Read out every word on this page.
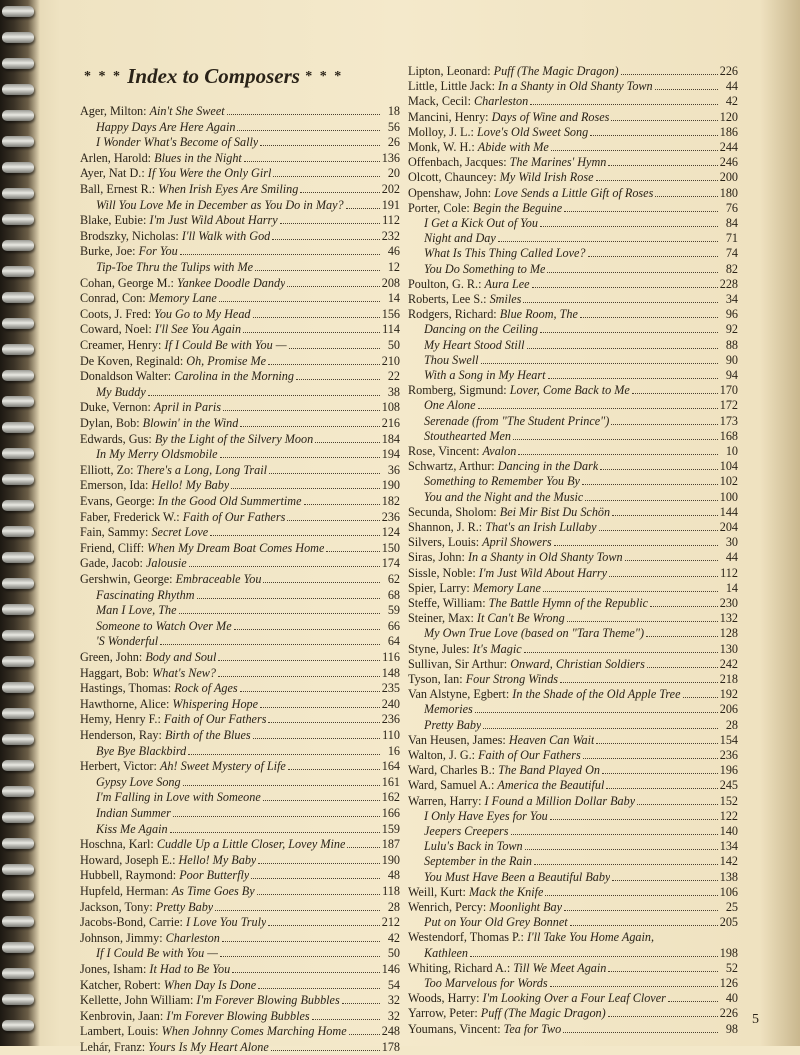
* * * Index to Composers * * *
Ager, Milton: Ain't She Sweet	18
Happy Days Are Here Again	56
I Wonder What's Become of Sally	26
Arlen, Harold: Blues in the Night	136
Ayer, Nat D.: If You Were the Only Girl	20
Ball, Ernest R.: When Irish Eyes Are Smiling	202
Will You Love Me in December as You Do in May?	191
Blake, Eubie: I'm Just Wild About Harry	112
Brodszky, Nicholas: I'll Walk with God	232
Burke, Joe: For You	46
Tip-Toe Thru the Tulips with Me	12
Cohan, George M.: Yankee Doodle Dandy	208
Conrad, Con: Memory Lane	14
Coots, J. Fred: You Go to My Head	156
Coward, Noel: I'll See You Again	114
Creamer, Henry: If I Could Be with You —	50
De Koven, Reginald: Oh, Promise Me	210
Donaldson Walter: Carolina in the Morning	22
My Buddy	38
Duke, Vernon: April in Paris	108
Dylan, Bob: Blowin' in the Wind	216
Edwards, Gus: By the Light of the Silvery Moon	184
In My Merry Oldsmobile	194
Elliott, Zo: There's a Long, Long Trail	36
Emerson, Ida: Hello! My Baby	190
Evans, George: In the Good Old Summertime	182
Faber, Frederick W.: Faith of Our Fathers	236
Fain, Sammy: Secret Love	124
Friend, Cliff: When My Dream Boat Comes Home	150
Gade, Jacob: Jalousie	174
Gershwin, George: Embraceable You	62
Fascinating Rhythm	68
Man I Love, The	59
Someone to Watch Over Me	66
'S Wonderful	64
Green, John: Body and Soul	116
Haggart, Bob: What's New?	148
Hastings, Thomas: Rock of Ages	235
Hawthorne, Alice: Whispering Hope	240
Hemy, Henry F.: Faith of Our Fathers	236
Henderson, Ray: Birth of the Blues	110
Bye Bye Blackbird	16
Herbert, Victor: Ah! Sweet Mystery of Life	164
Gypsy Love Song	161
I'm Falling in Love with Someone	162
Indian Summer	166
Kiss Me Again	159
Hoschna, Karl: Cuddle Up a Little Closer, Lovey Mine	187
Howard, Joseph E.: Hello! My Baby	190
Hubbell, Raymond: Poor Butterfly	48
Hupfeld, Herman: As Time Goes By	118
Jackson, Tony: Pretty Baby	28
Jacobs-Bond, Carrie: I Love You Truly	212
Johnson, Jimmy: Charleston	42
If I Could Be with You —	50
Jones, Isham: It Had to Be You	146
Katcher, Robert: When Day Is Done	54
Kellette, John William: I'm Forever Blowing Bubbles	32
Kenbrovin, Jaan: I'm Forever Blowing Bubbles	32
Lambert, Louis: When Johnny Comes Marching Home	248
Lehár, Franz: Yours Is My Heart Alone	178
Lipton, Leonard: Puff (The Magic Dragon)	226
Little, Little Jack: In a Shanty in Old Shanty Town	44
Mack, Cecil: Charleston	42
Mancini, Henry: Days of Wine and Roses	120
Molloy, J. L.: Love's Old Sweet Song	186
Monk, W. H.: Abide with Me	244
Offenbach, Jacques: The Marines' Hymn	246
Olcott, Chauncey: My Wild Irish Rose	200
Openshaw, John: Love Sends a Little Gift of Roses	180
Porter, Cole: Begin the Beguine	76
I Get a Kick Out of You	84
Night and Day	71
What Is This Thing Called Love?	74
You Do Something to Me	82
Poulton, G. R.: Aura Lee	228
Roberts, Lee S.: Smiles	34
Rodgers, Richard: Blue Room, The	96
Dancing on the Ceiling	92
My Heart Stood Still	88
Thou Swell	90
With a Song in My Heart	94
Romberg, Sigmund: Lover, Come Back to Me	170
One Alone	172
Serenade (from "The Student Prince")	173
Stouthearted Men	168
Rose, Vincent: Avalon	10
Schwartz, Arthur: Dancing in the Dark	104
Something to Remember You By	102
You and the Night and the Music	100
Secunda, Sholom: Bei Mir Bist Du Schön	144
Shannon, J. R.: That's an Irish Lullaby	204
Silvers, Louis: April Showers	30
Siras, John: In a Shanty in Old Shanty Town	44
Sissle, Noble: I'm Just Wild About Harry	112
Spier, Larry: Memory Lane	14
Steffe, William: The Battle Hymn of the Republic	230
Steiner, Max: It Can't Be Wrong	132
My Own True Love (based on "Tara Theme")	128
Styne, Jules: It's Magic	130
Sullivan, Sir Arthur: Onward, Christian Soldiers	242
Tyson, Ian: Four Strong Winds	218
Van Alstyne, Egbert: In the Shade of the Old Apple Tree	192
Memories	206
Pretty Baby	28
Van Heusen, James: Heaven Can Wait	154
Walton, J. G.: Faith of Our Fathers	236
Ward, Charles B.: The Band Played On	196
Ward, Samuel A.: America the Beautiful	245
Warren, Harry: I Found a Million Dollar Baby	152
I Only Have Eyes for You	122
Jeepers Creepers	140
Lulu's Back in Town	134
September in the Rain	142
You Must Have Been a Beautiful Baby	138
Weill, Kurt: Mack the Knife	106
Wenrich, Percy: Moonlight Bay	25
Put on Your Old Grey Bonnet	205
Westendorf, Thomas P.: I'll Take You Home Again,
Kathleen	198
Whiting, Richard A.: Till We Meet Again	52
Too Marvelous for Words	126
Woods, Harry: I'm Looking Over a Four Leaf Clover	40
Yarrow, Peter: Puff (The Magic Dragon)	226
Youmans, Vincent: Tea for Two	98
5
